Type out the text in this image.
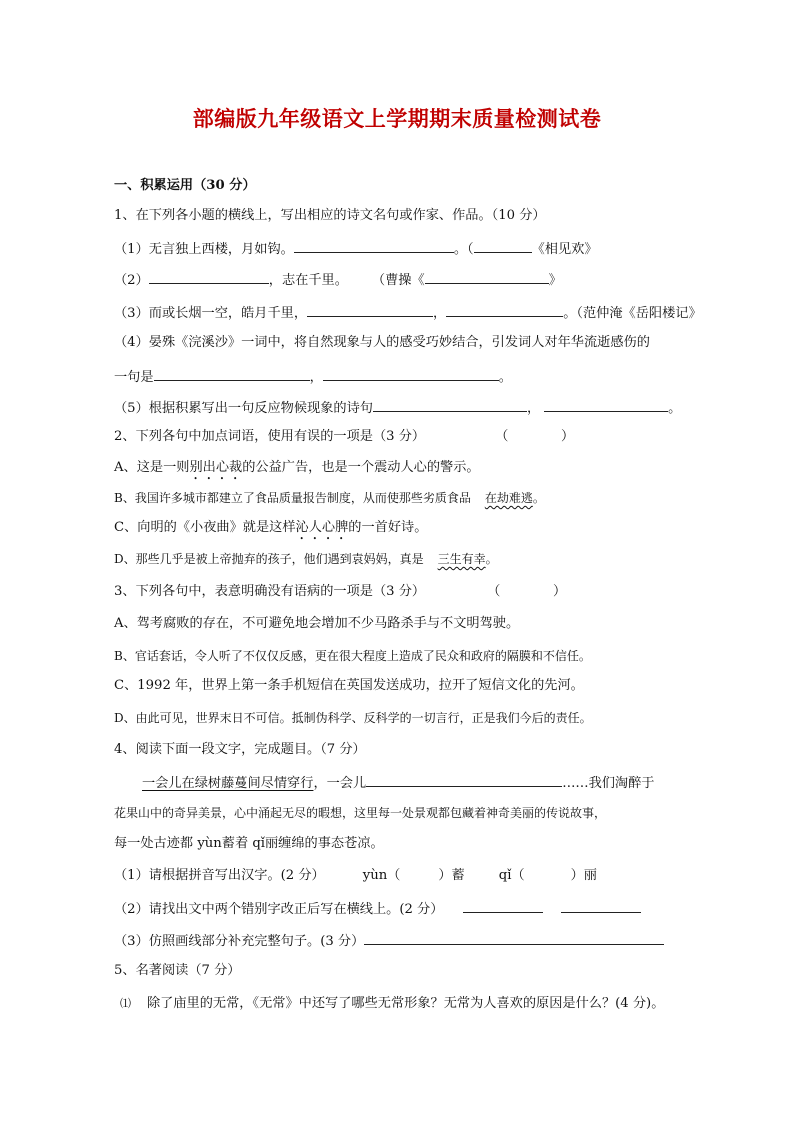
部编版九年级语文上学期期末质量检测试卷
一、积累运用（30 分）
1、在下列各小题的横线上，写出相应的诗文名句或作家、作品。（10 分）
（1）无言独上西楼，月如钩。	。（	《相见欢》
（2）	，志在千里。 （曹操《	》
（3）而或长烟一空，皓月千里，	，	。（范仲淹《岳阳楼记》
（4）晏殊《浣溪沙》一词中，将自然现象与人的感受巧妙结合，引发词人对年华流逝感伤的
一句是	，	。
（5）根据积累写出一句反应物候现象的诗句	，	。
2、下列各句中加点词语，使用有误的一项是（3 分）	（　　　　）
A、这是一则别出心裁的公益广告，也是一个震动人心的警示。
B、我国许多城市都建立了食品质量报告制度，从而使那些劣质食品 在劫难逃。
C、向明的《小夜曲》就是这样沁人心脾的一首好诗。
D、那些几乎是被上帝抛弃的孩子，他们遇到袁妈妈，真是 三生有幸。
3、下列各句中，表意明确没有语病的一项是（3 分）	（　　　　）
A、驾考腐败的存在，不可避免地会增加不少马路杀手与不文明驾驶。
B、官话套话，令人听了不仅仅反感，更在很大程度上造成了民众和政府的隔膜和不信任。
C、1992 年，世界上第一条手机短信在英国发送成功，拉开了短信文化的先河。
D、由此可见，世界末日不可信。抵制伪科学、反科学的一切言行，正是我们今后的责任。
4、阅读下面一段文字，完成题目。（7 分）
一会儿在绿树藤蔓间尽情穿行，一会儿	……我们淘醉于
花果山中的奇异美景，心中涌起无尽的暇想，这里每一处景观都包藏着神奇美丽的传说故事，
每一处古迹都 yùn蓄着 qǐ丽缠绵的事态苍凉。
（1）请根据拼音写出汉字。(2 分）	yùn（	）蓄	qǐ（	）丽
（2）请找出文中两个错别字改正后写在横线上。(2 分）
（3）仿照画线部分补充完整句子。(3 分）
5、名著阅读（7 分）
⑴ 除了庙里的无常，《无常》中还写了哪些无常形象？无常为人喜欢的原因是什么？(4 分)。
